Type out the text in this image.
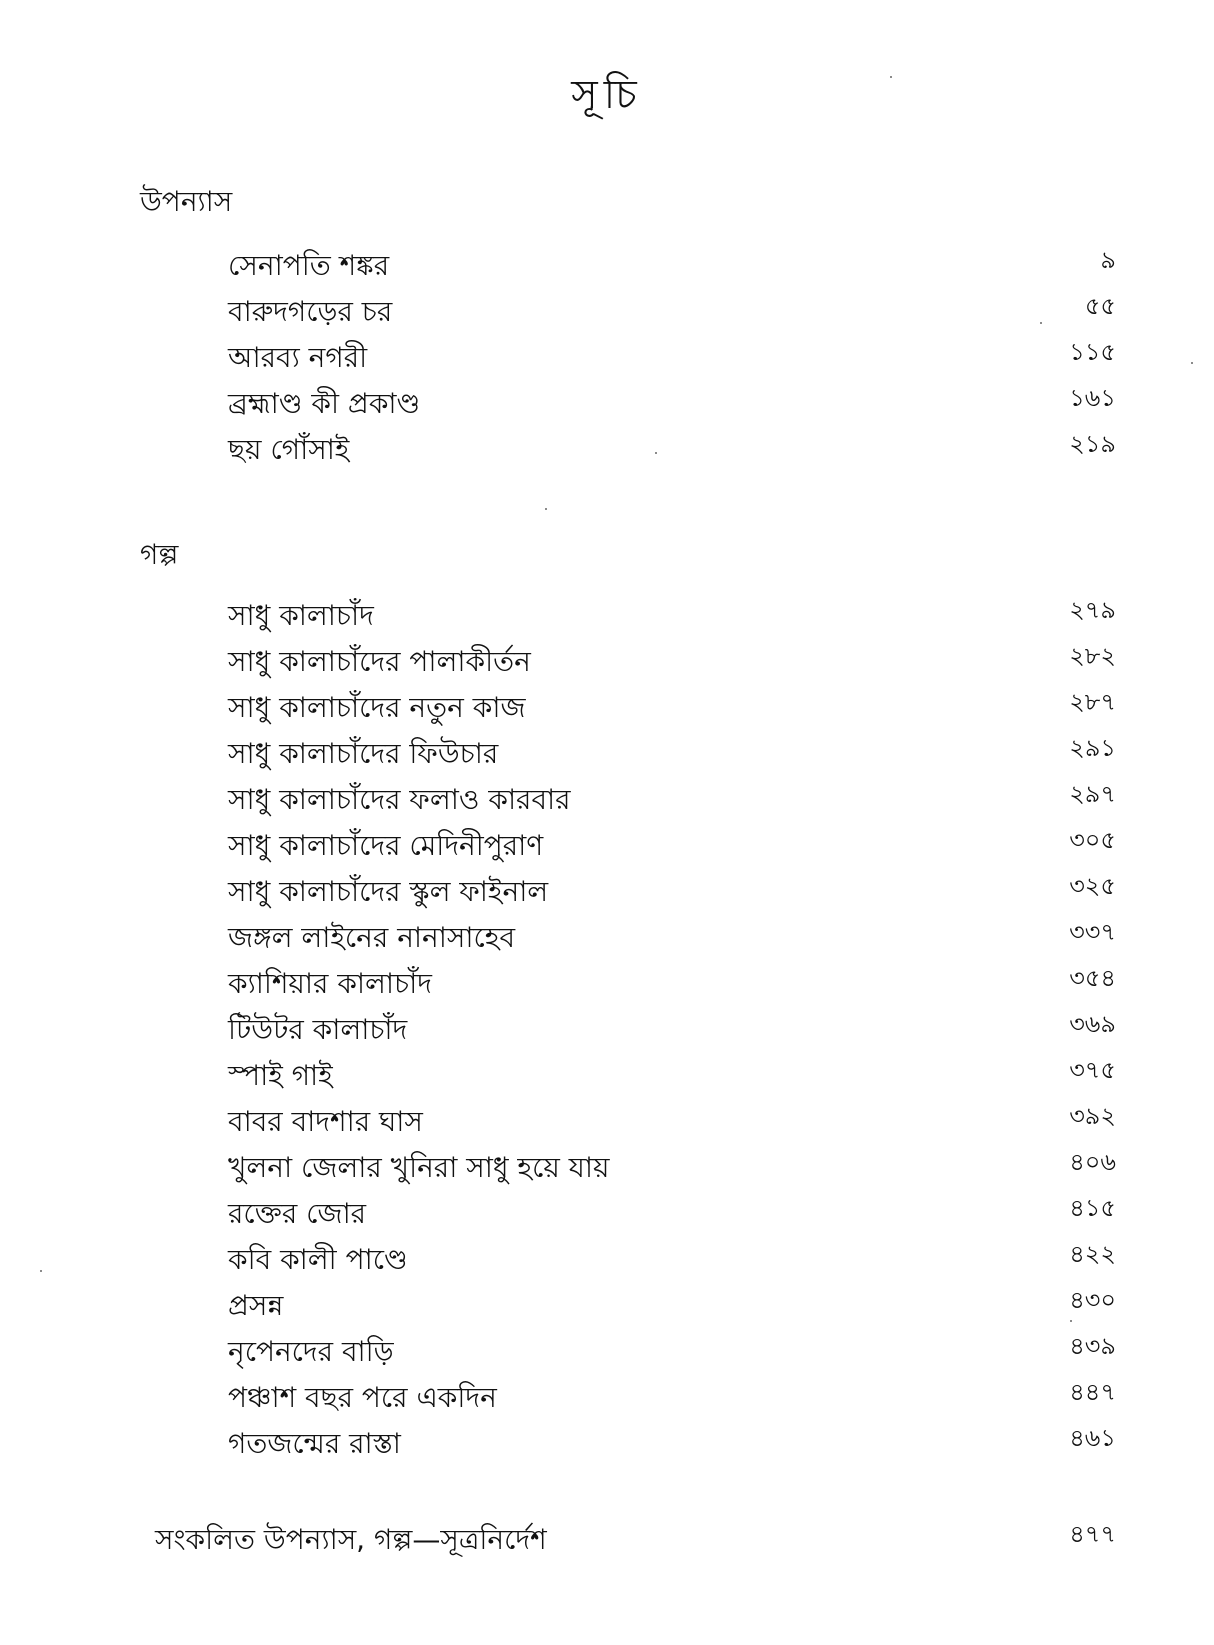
সূচি
উপন্যাস
সেনাপতি শঙ্কর	৯
বারুদগড়ের চর	৫৫
আরব্য নগরী	১১৫
ব্রহ্মাণ্ড কী প্রকাণ্ড	১৬১
ছয় গোঁসাই	২১৯
গল্প
সাধু কালাচাঁদ	২৭৯
সাধু কালাচাঁদের পালাকীর্তন	২৮২
সাধু কালাচাঁদের নতুন কাজ	২৮৭
সাধু কালাচাঁদের ফিউচার	২৯১
সাধু কালাচাঁদের ফলাও কারবার	২৯৭
সাধু কালাচাঁদের মেদিনীপুরাণ	৩০৫
সাধু কালাচাঁদের স্কুল ফাইনাল	৩২৫
জঙ্গল লাইনের নানাসাহেব	৩৩৭
ক্যাশিয়ার কালাচাঁদ	৩৫৪
টিউটর কালাচাঁদ	৩৬৯
স্পাই গাই	৩৭৫
বাবর বাদশার ঘাস	৩৯২
খুলনা জেলার খুনিরা সাধু হয়ে যায়	৪০৬
রক্তের জোর	৪১৫
কবি কালী পাণ্ডে	৪২২
প্রসন্ন	৪৩০
নৃপেনদের বাড়ি	৪৩৯
পঞ্চাশ বছর পরে একদিন	৪৪৭
গতজন্মের রাস্তা	৪৬১
সংকলিত উপন্যাস, গল্প—সূত্রনির্দেশ	৪৭৭
